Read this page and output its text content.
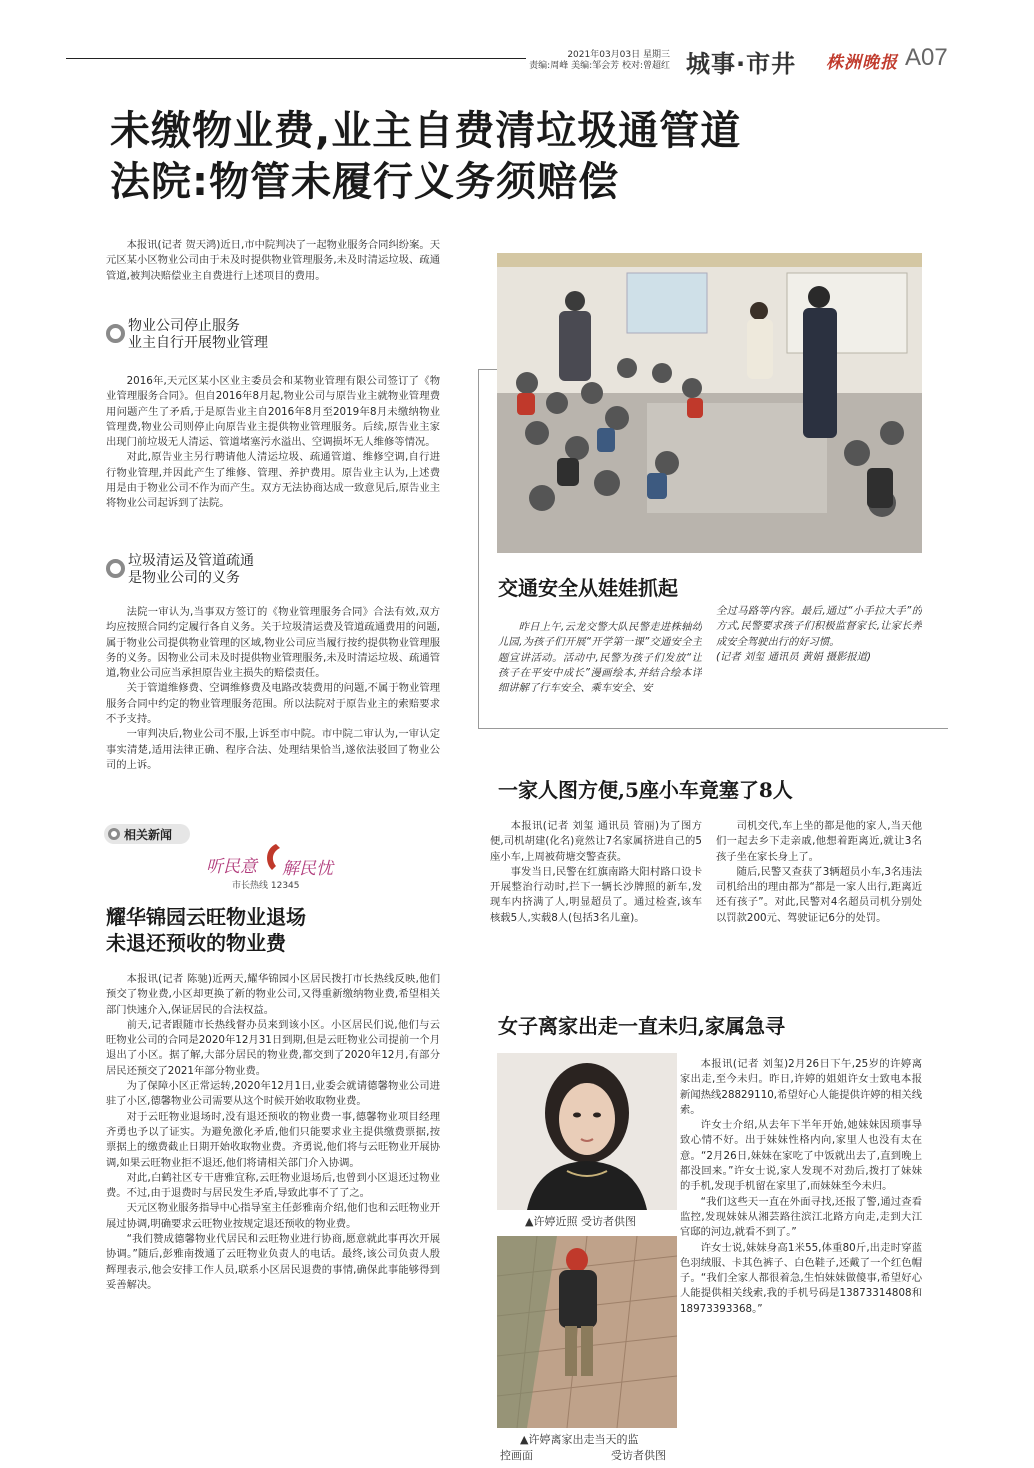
2021年03月03日 星期三
责编:周峰 美编:邹会芳 校对:曾超红 城事·市井 株洲晚报 A07
未缴物业费,业主自费清垃圾通管道
法院:物管未履行义务须赔偿

本报讯(记者 贺天鸿)近日,市中院判决了一起物业服务合同纠纷案。天元区某小区物业公司由于未及时提供物业管理服务,未及时清运垃圾、疏通管道,被判决赔偿业主自费进行上述项目的费用。

物业公司停止服务
业主自行开展物业管理

2016年,天元区某小区业主委员会和某物业管理有限公司签订了《物业管理服务合同》。但自2016年8月起,物业公司与原告业主就物业管理费用问题产生了矛盾,于是原告业主自2016年8月至2019年8月未缴纳物业管理费,物业公司则停止向原告业主提供物业管理服务。后续,原告业主家出现门前垃圾无人清运、管道堵塞污水溢出、空调损坏无人维修等情况。

对此,原告业主另行聘请他人清运垃圾、疏通管道、维修空调,自行进行物业管理,并因此产生了维修、管理、养护费用。原告业主认为,上述费用是由于物业公司不作为而产生。双方无法协商达成一致意见后,原告业主将物业公司起诉到了法院。

垃圾清运及管道疏通
是物业公司的义务

法院一审认为,当事双方签订的《物业管理服务合同》合法有效,双方均应按照合同约定履行各自义务。关于垃圾清运费及管道疏通费用的问题,属于物业公司提供物业管理的区域,物业公司应当履行按约提供物业管理服务的义务。因物业公司未及时提供物业管理服务,未及时清运垃圾、疏通管道,物业公司应当承担原告业主损失的赔偿责任。

关于管道维修费、空调维修费及电路改装费用的问题,不属于物业管理服务合同中约定的物业管理服务范围。所以法院对于原告业主的索赔要求不予支持。

一审判决后,物业公司不服,上诉至市中院。市中院二审认为,一审认定事实清楚,适用法律正确、程序合法、处理结果恰当,遂依法驳回了物业公司的上诉。

相关新闻
听民意 解民忧
市长热线 12345
耀华锦园云旺物业退场
未退还预收的物业费

本报讯(记者 陈驰)近两天,耀华锦园小区居民拨打市长热线反映,他们预交了物业费,小区却更换了新的物业公司,又得重新缴纳物业费,希望相关部门快速介入,保证居民的合法权益。

前天,记者跟随市长热线督办员来到该小区。小区居民们说,他们与云旺物业公司的合同是2020年12月31日到期,但是云旺物业公司提前一个月退出了小区。据了解,大部分居民的物业费,都交到了2020年12月,有部分居民还预交了2021年部分物业费。

为了保障小区正常运转,2020年12月1日,业委会就请德馨物业公司进驻了小区,德馨物业公司需要从这个时候开始收取物业费。

对于云旺物业退场时,没有退还预收的物业费一事,德馨物业项目经理齐勇也予以了证实。为避免激化矛盾,他们只能要求业主提供缴费票据,按票据上的缴费截止日期开始收取物业费。齐勇说,他们将与云旺物业开展协调,如果云旺物业拒不退还,他们将请相关部门介入协调。

对此,白鹤社区专干唐雅宜称,云旺物业退场后,也曾到小区退还过物业费。不过,由于退费时与居民发生矛盾,导致此事不了了之。

天元区物业服务指导中心指导室主任彭雅南介绍,他们也和云旺物业开展过协调,明确要求云旺物业按规定退还预收的物业费。

“我们赞成德馨物业代居民和云旺物业进行协商,愿意就此事再次开展协调。”随后,彭雅南拨通了云旺物业负责人的电话。最终,该公司负责人殷辉理表示,他会安排工作人员,联系小区居民退费的事情,确保此事能够得到妥善解决。

交通安全从娃娃抓起

昨日上午,云龙交警大队民警走进株轴幼儿园,为孩子们开展“开学第一课”交通安全主题宣讲活动。活动中,民警为孩子们发放“让孩子在平安中成长”漫画绘本,并结合绘本详细讲解了行车安全、乘车安全、安

全过马路等内容。最后,通过“小手拉大手”的方式,民警要求孩子们积极监督家长,让家长养成安全驾驶出行的好习惯。

(记者 刘玺 通讯员 黄娟 摄影报道)

一家人图方便,5座小车竟塞了8人

本报讯(记者 刘玺 通讯员 管丽)为了图方便,司机胡建(化名)竟然让7名家属挤进自己的5座小车,上周被荷塘交警查获。

事发当日,民警在红旗南路大阳村路口设卡开展整治行动时,拦下一辆长沙牌照的新车,发现车内挤满了人,明显超员了。通过检查,该车核载5人,实载8人(包括3名儿童)。

司机交代,车上坐的都是他的家人,当天他们一起去乡下走亲戚,他想着距离近,就让3名孩子坐在家长身上了。

随后,民警又查获了3辆超员小车,3名违法司机给出的理由都为“都是一家人出行,距离近还有孩子”。对此,民警对4名超员司机分别处以罚款200元、驾驶证记6分的处罚。

女子离家出走一直未归,家属急寻
▲许婷近照 受访者供图
▲许婷离家出走当天的监
控画面	受访者供图

本报讯(记者 刘玺)2月26日下午,25岁的许婷离家出走,至今未归。昨日,许婷的姐姐许女士致电本报新闻热线28829110,希望好心人能提供许婷的相关线索。

许女士介绍,从去年下半年开始,她妹妹因琐事导致心情不好。出于妹妹性格内向,家里人也没有太在意。“2月26日,妹妹在家吃了中饭就出去了,直到晚上都没回来。”许女士说,家人发现不对劲后,拨打了妹妹的手机,发现手机留在家里了,而妹妹至今未归。

“我们这些天一直在外面寻找,还报了警,通过查看监控,发现妹妹从湘芸路往滨江北路方向走,走到大江官邸的河边,就看不到了。”

许女士说,妹妹身高1米55,体重80斤,出走时穿蓝色羽绒服、卡其色裤子、白色鞋子,还戴了一个红色帽子。“我们全家人都很着急,生怕妹妹做傻事,希望好心人能提供相关线索,我的手机号码是13873314808和18973393368。”
